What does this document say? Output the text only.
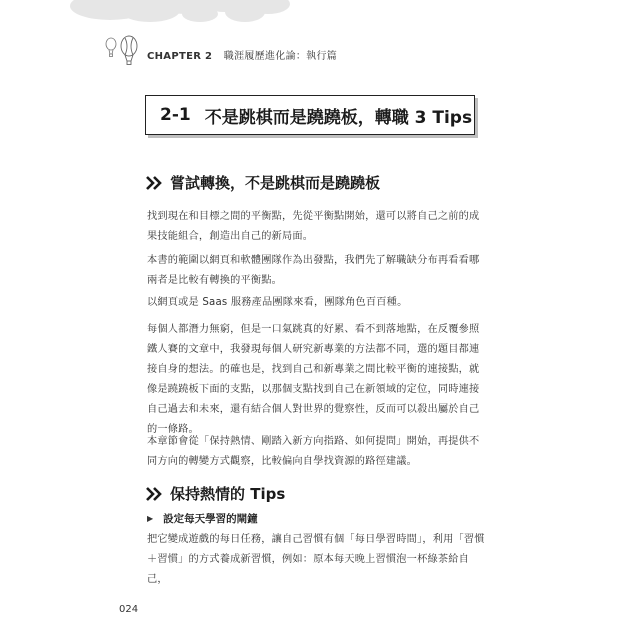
CHAPTER 2 職涯履歷進化論：執行篇
2-1 不是跳棋而是蹺蹺板，轉職 3 Tips
嘗試轉換，不是跳棋而是蹺蹺板
找到現在和目標之間的平衡點，先從平衡點開始，還可以將自己之前的成果技能組合，創造出自己的新局面。
本書的範圍以網頁和軟體團隊作為出發點，我們先了解職缺分布再看看哪兩者是比較有轉換的平衡點。
以網頁或是 Saas 服務產品團隊來看，團隊角色百百種。
每個人都潛力無窮，但是一口氣跳真的好累、看不到落地點，在反覆參照鐵人賽的文章中，我發現每個人研究新專業的方法都不同，選的題目都連接自身的想法。的確也是，找到自己和新專業之間比較平衡的連接點，就像是蹺蹺板下面的支點，以那個支點找到自己在新領域的定位，同時連接自己過去和未來，還有結合個人對世界的覺察性，反而可以殺出屬於自己的一條路。
本章節會從「保持熱情、剛踏入新方向指路、如何提問」開始，再提供不同方向的轉變方式觀察，比較偏向自學找資源的路徑建議。
保持熱情的 Tips
▶ 設定每天學習的閘鐘
把它變成遊戲的每日任務，讓自己習慣有個「每日學習時間」，利用「習慣＋習慣」的方式養成新習慣，例如：原本每天晚上習慣泡一杯綠茶給自己，
024
